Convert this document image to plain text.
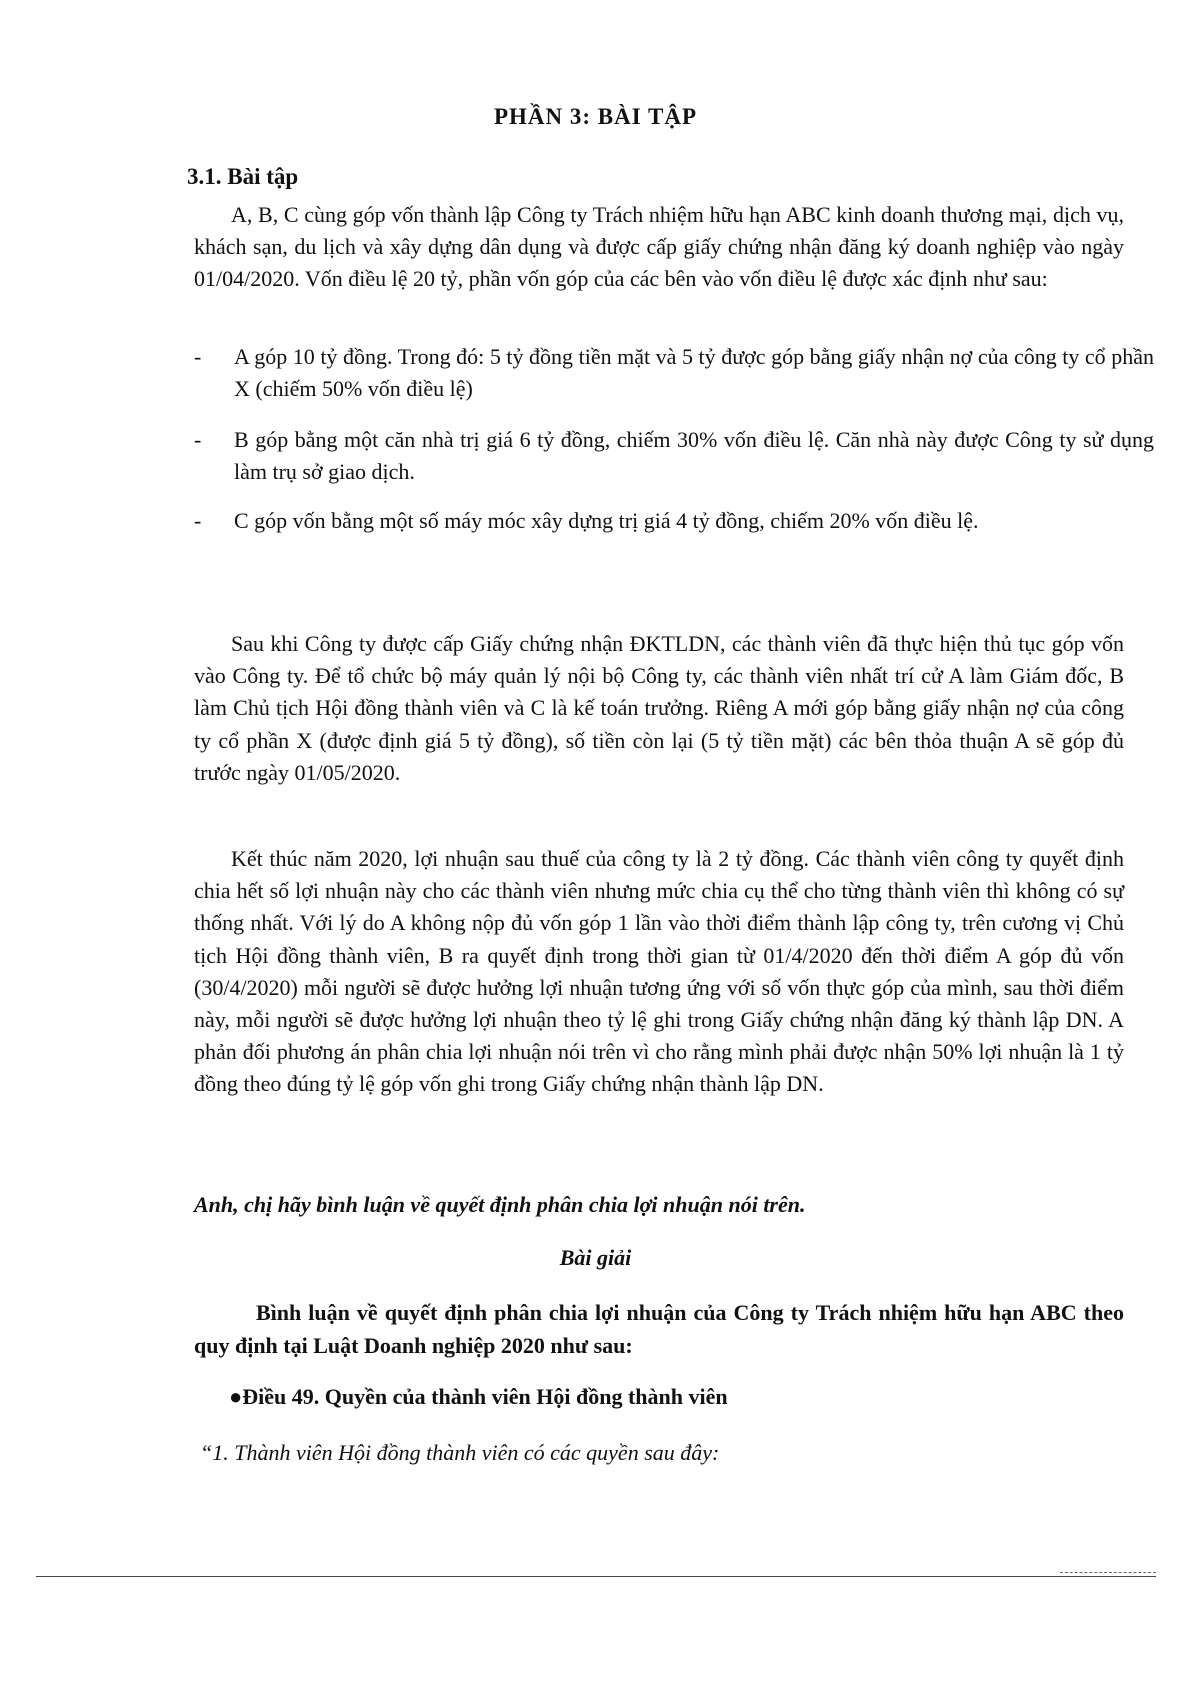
PHẦN 3: BÀI TẬP
3.1. Bài tập

A, B, C cùng góp vốn thành lập Công ty Trách nhiệm hữu hạn ABC kinh doanh thương mại, dịch vụ, khách sạn, du lịch và xây dựng dân dụng và được cấp giấy chứng nhận đăng ký doanh nghiệp vào ngày 01/04/2020. Vốn điều lệ 20 tỷ, phần vốn góp của các bên vào vốn điều lệ được xác định như sau:

-	A góp 10 tỷ đồng. Trong đó: 5 tỷ đồng tiền mặt và 5 tỷ được góp bằng giấy nhận nợ của công ty cổ phần X (chiếm 50% vốn điều lệ)
-	B góp bằng một căn nhà trị giá 6 tỷ đồng, chiếm 30% vốn điều lệ. Căn nhà này được Công ty sử dụng làm trụ sở giao dịch.
-	C góp vốn bằng một số máy móc xây dựng trị giá 4 tỷ đồng, chiếm 20% vốn điều lệ.

Sau khi Công ty được cấp Giấy chứng nhận ĐKTLDN, các thành viên đã thực hiện thủ tục góp vốn vào Công ty. Để tổ chức bộ máy quản lý nội bộ Công ty, các thành viên nhất trí cử A làm Giám đốc, B làm Chủ tịch Hội đồng thành viên và C là kế toán trưởng. Riêng A mới góp bằng giấy nhận nợ của công ty cổ phần X (được định giá 5 tỷ đồng), số tiền còn lại (5 tỷ tiền mặt) các bên thỏa thuận A sẽ góp đủ trước ngày 01/05/2020.

Kết thúc năm 2020, lợi nhuận sau thuế của công ty là 2 tỷ đồng. Các thành viên công ty quyết định chia hết số lợi nhuận này cho các thành viên nhưng mức chia cụ thể cho từng thành viên thì không có sự thống nhất. Với lý do A không nộp đủ vốn góp 1 lần vào thời điểm thành lập công ty, trên cương vị Chủ tịch Hội đồng thành viên, B ra quyết định trong thời gian từ 01/4/2020 đến thời điểm A góp đủ vốn (30/4/2020) mỗi người sẽ được hưởng lợi nhuận tương ứng với số vốn thực góp của mình, sau thời điểm này, mỗi người sẽ được hưởng lợi nhuận theo tỷ lệ ghi trong Giấy chứng nhận đăng ký thành lập DN. A phản đối phương án phân chia lợi nhuận nói trên vì cho rằng mình phải được nhận 50% lợi nhuận là 1 tỷ đồng theo đúng tỷ lệ góp vốn ghi trong Giấy chứng nhận thành lập DN.

Anh, chị hãy bình luận về quyết định phân chia lợi nhuận nói trên.

Bài giải

Bình luận về quyết định phân chia lợi nhuận của Công ty Trách nhiệm hữu hạn ABC theo quy định tại Luật Doanh nghiệp 2020 như sau:

●Điều 49. Quyền của thành viên Hội đồng thành viên

“1. Thành viên Hội đồng thành viên có các quyền sau đây:
